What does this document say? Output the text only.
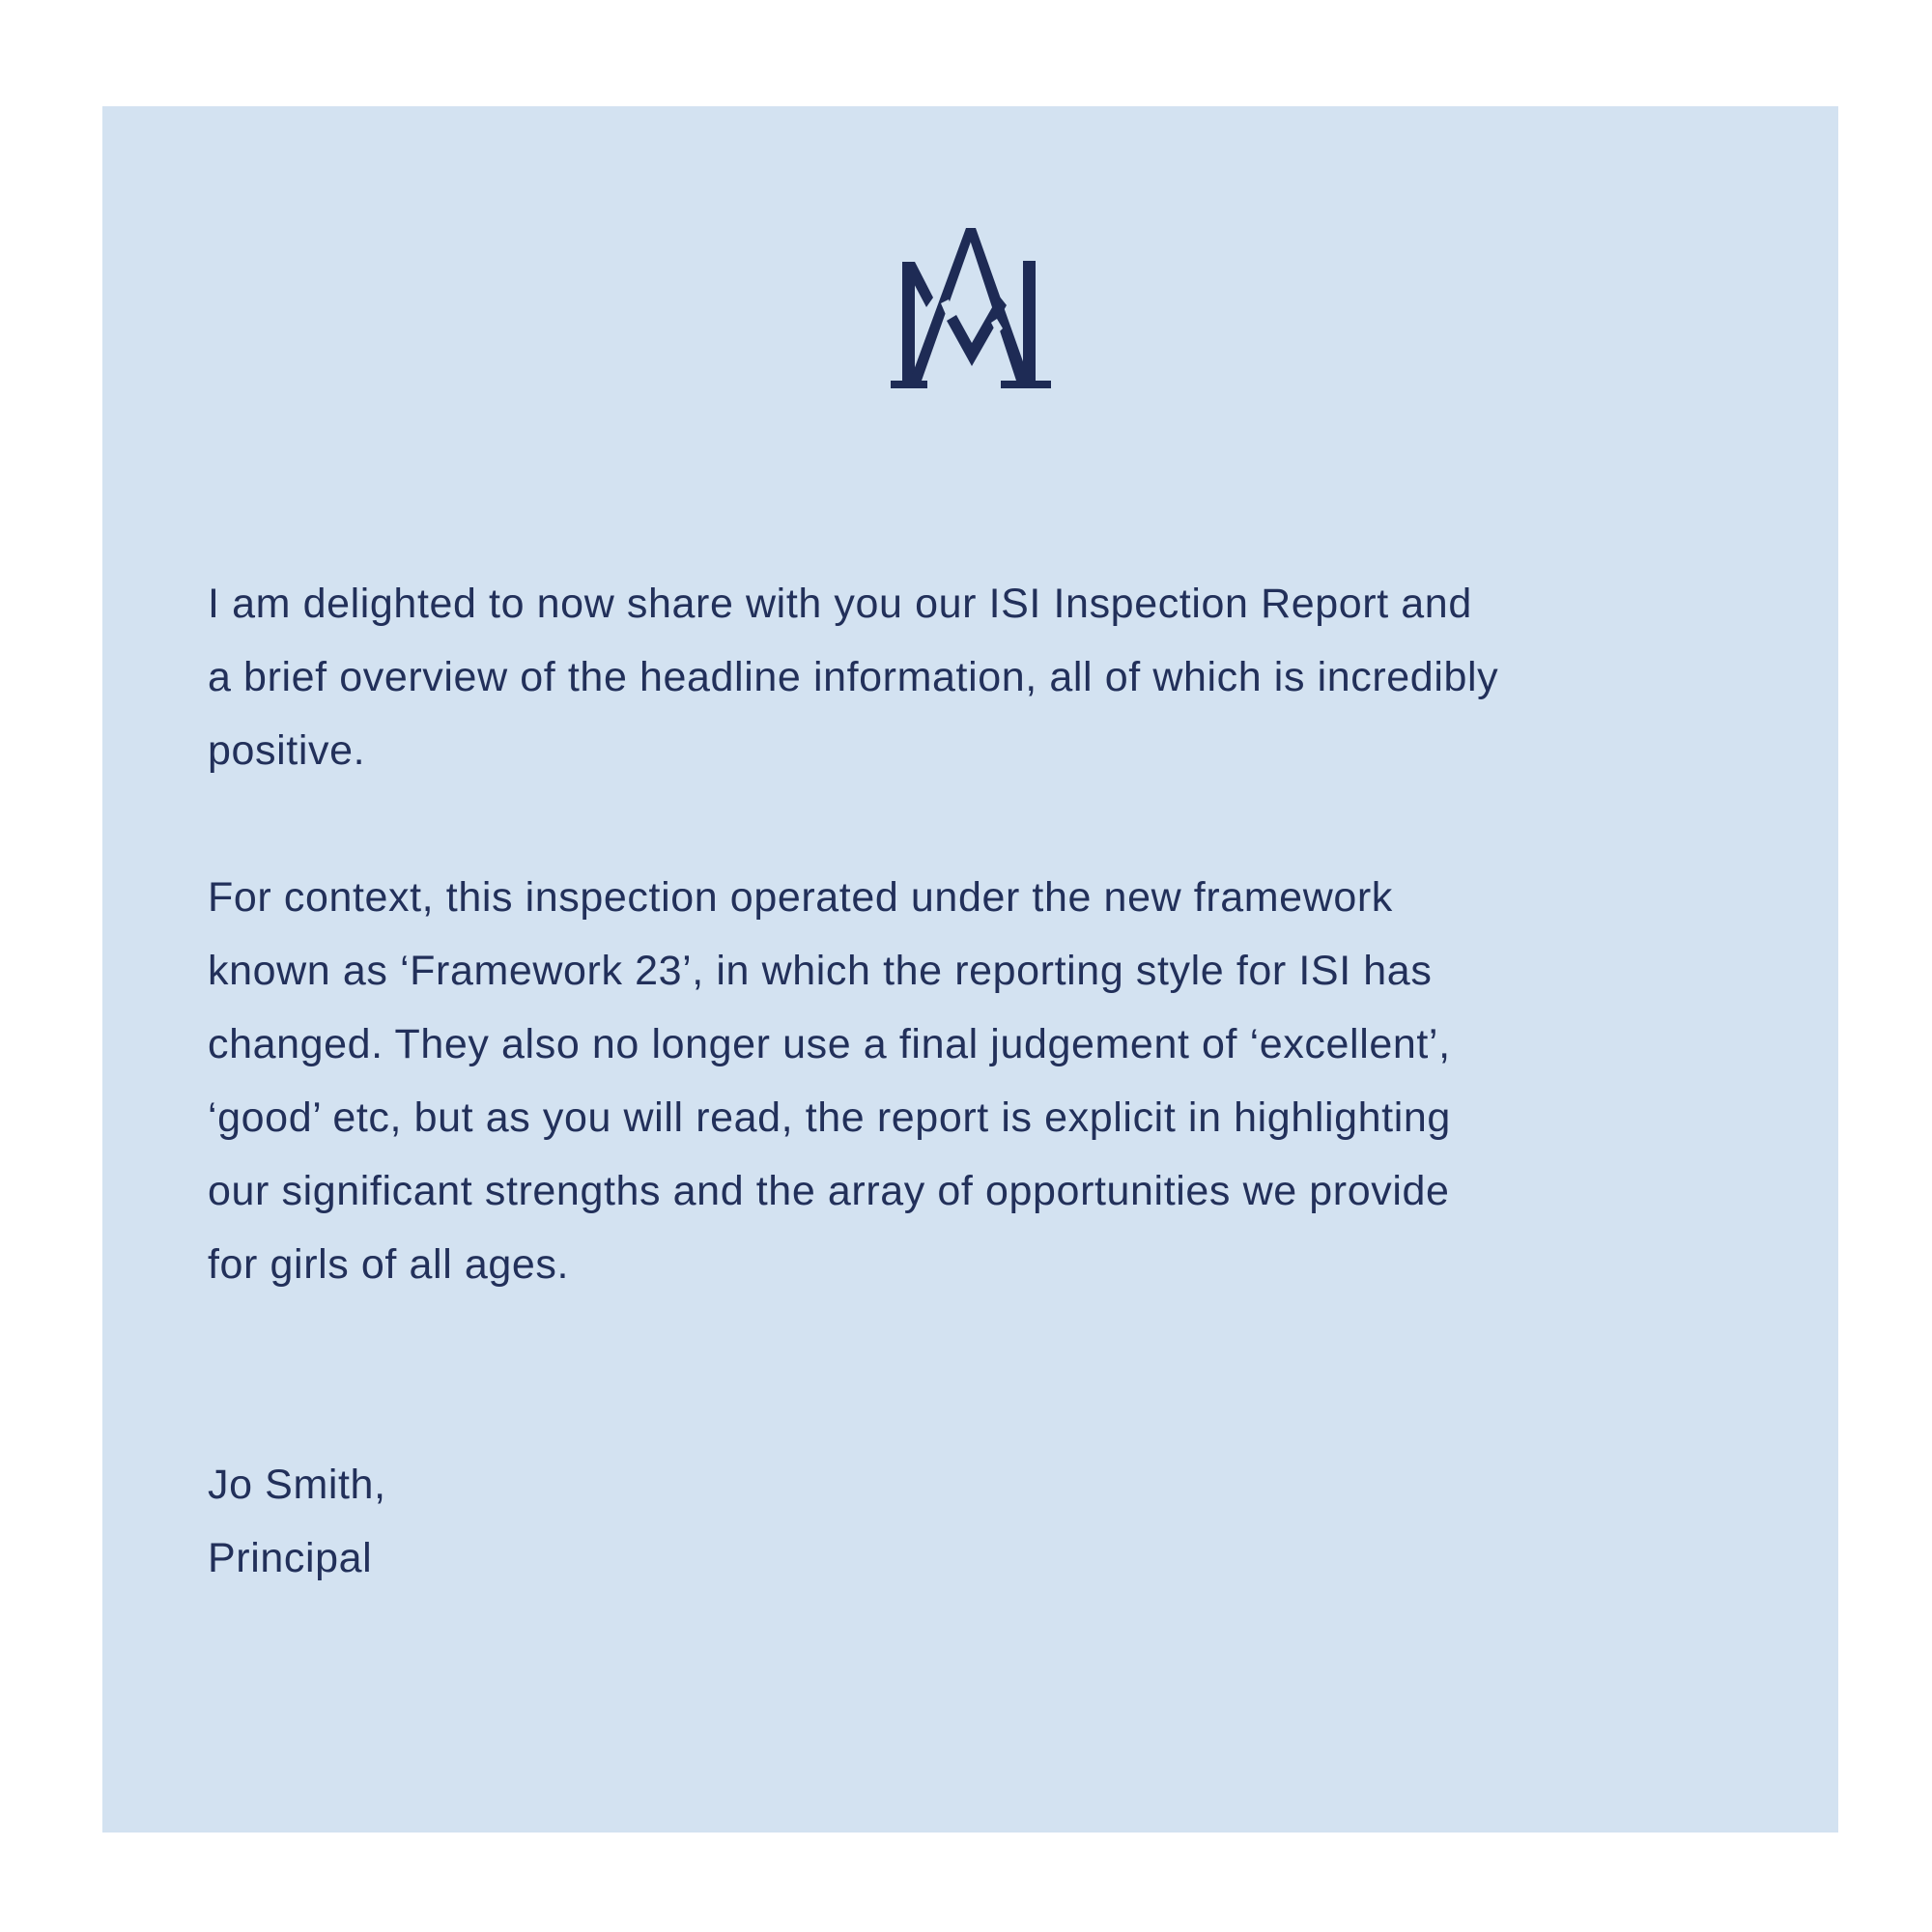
I am delighted to now share with you our ISI Inspection Report and
a brief overview of the headline information, all of which is incredibly
positive.

For context, this inspection operated under the new framework
known as ‘Framework 23’, in which the reporting style for ISI has
changed. They also no longer use a final judgement of ‘excellent’,
‘good’ etc, but as you will read, the report is explicit in highlighting
our significant strengths and the array of opportunities we provide
for girls of all ages.

Jo Smith,
Principal
